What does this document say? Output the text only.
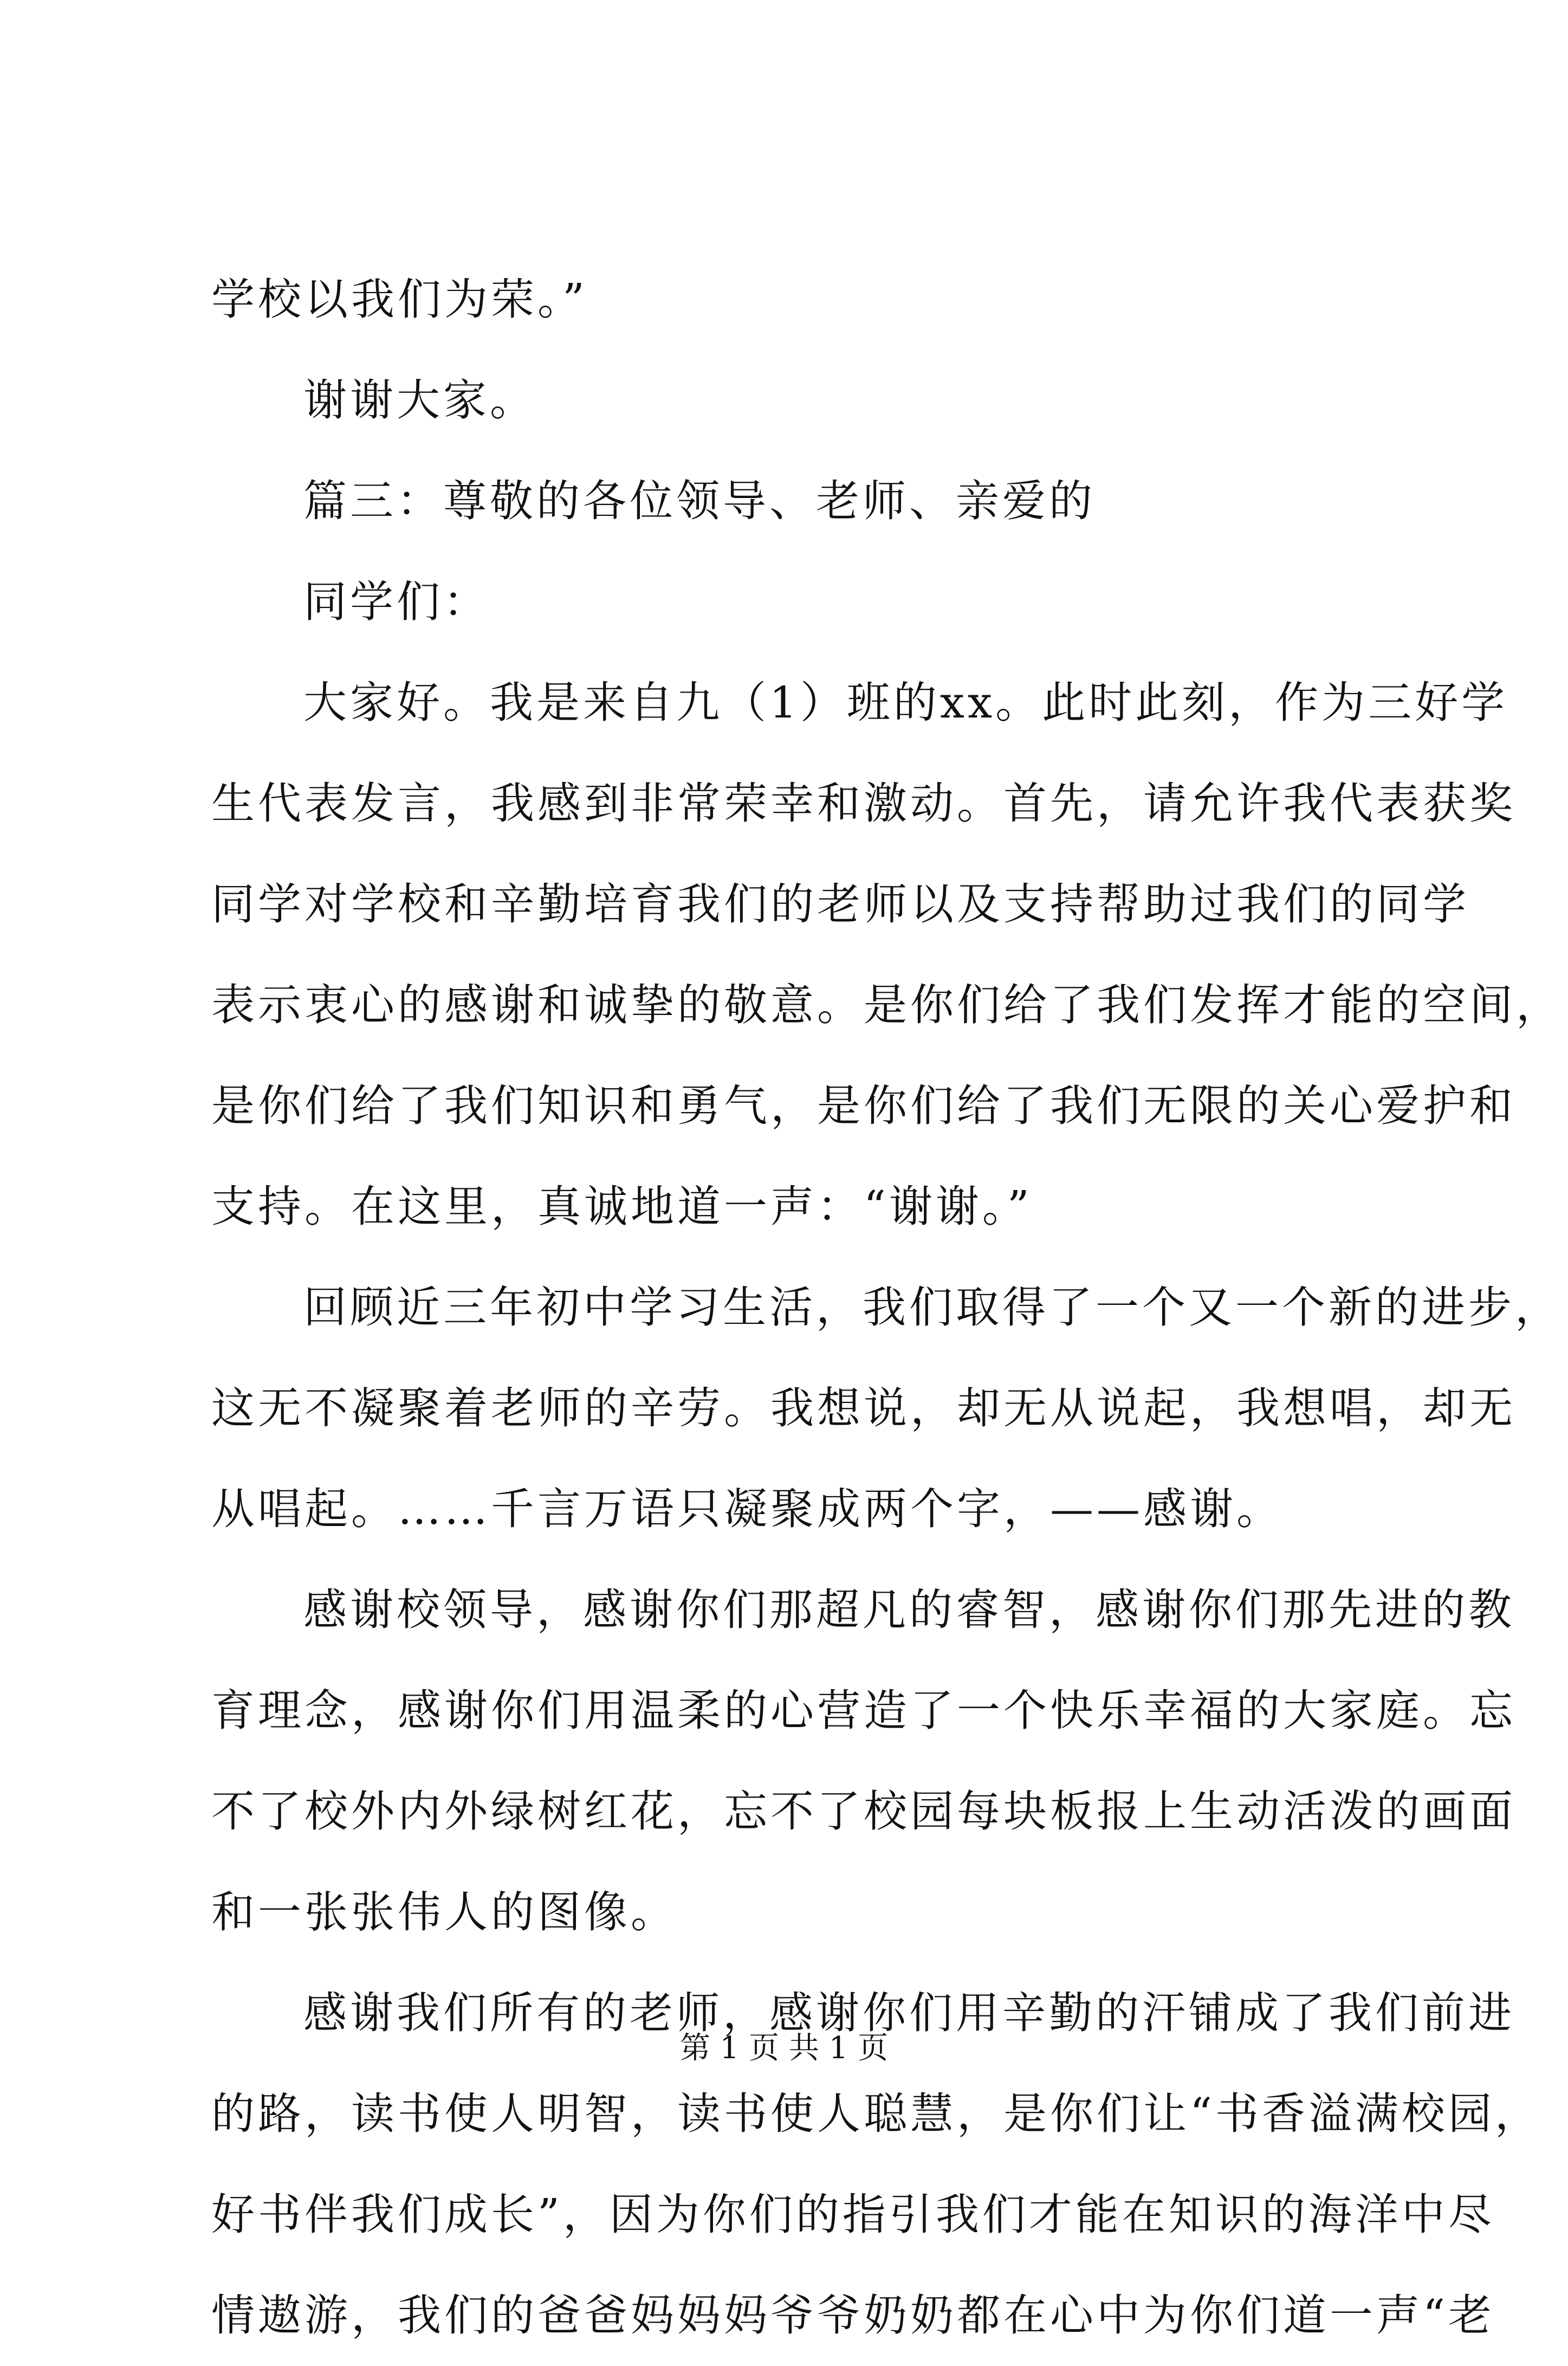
学校以我们为荣。”
谢谢大家。
篇三：尊敬的各位领导、老师、亲爱的
同学们：
大家好。我是来自九（1）班的xx。此时此刻，作为三好学
生代表发言，我感到非常荣幸和激动。首先，请允许我代表获奖
同学对学校和辛勤培育我们的老师以及支持帮助过我们的同学
表示衷心的感谢和诚挚的敬意。是你们给了我们发挥才能的空间，
是你们给了我们知识和勇气，是你们给了我们无限的关心爱护和
支持。在这里，真诚地道一声：“谢谢。”
回顾近三年初中学习生活，我们取得了一个又一个新的进步，
这无不凝聚着老师的辛劳。我想说，却无从说起，我想唱，却无
从唱起。……千言万语只凝聚成两个字，——感谢。
感谢校领导，感谢你们那超凡的睿智，感谢你们那先进的教
育理念，感谢你们用温柔的心营造了一个快乐幸福的大家庭。忘
不了校外内外绿树红花，忘不了校园每块板报上生动活泼的画面
和一张张伟人的图像。
感谢我们所有的老师，感谢你们用辛勤的汗铺成了我们前进
的路，读书使人明智，读书使人聪慧，是你们让“书香溢满校园，
好书伴我们成长”，因为你们的指引我们才能在知识的海洋中尽
情遨游，我们的爸爸妈妈妈爷爷奶奶都在心中为你们道一声“老
第 1 页 共 1 页
